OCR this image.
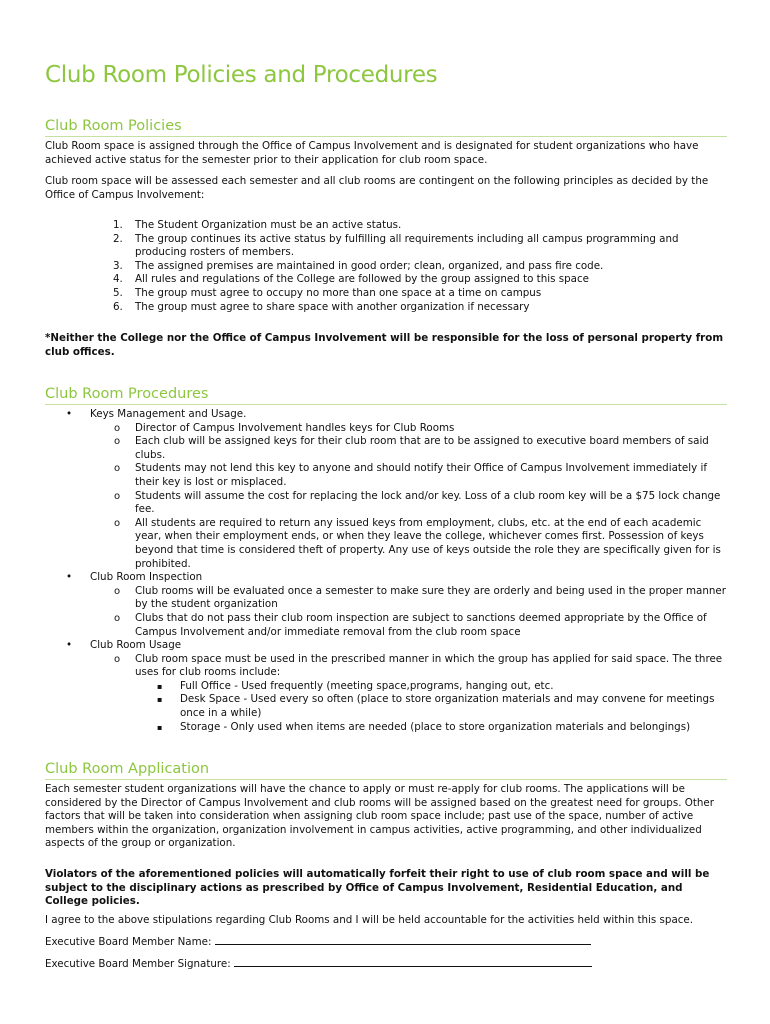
Club Room Policies and Procedures
Club Room Policies

Club Room space is assigned through the Office of Campus Involvement and is designated for student organizations who have achieved active status for the semester prior to their application for club room space.

Club room space will be assessed each semester and all club rooms are contingent on the following principles as decided by the Office of Campus Involvement:

1.	The Student Organization must be an active status.
2.	The group continues its active status by fulfilling all requirements including all campus programming and producing rosters of members.
3.	The assigned premises are maintained in good order; clean, organized, and pass fire code.
4.	All rules and regulations of the College are followed by the group assigned to this space
5.	The group must agree to occupy no more than one space at a time on campus
6.	The group must agree to share space with another organization if necessary

*Neither the College nor the Office of Campus Involvement will be responsible for the loss of personal property from club offices.

Club Room Procedures
• Keys Management and Usage.
o Director of Campus Involvement handles keys for Club Rooms
o Each club will be assigned keys for their club room that are to be assigned to executive board members of said clubs.
o Students may not lend this key to anyone and should notify their Office of Campus Involvement immediately if their key is lost or misplaced.
o Students will assume the cost for replacing the lock and/or key. Loss of a club room key will be a $75 lock change fee.
o All students are required to return any issued keys from employment, clubs, etc. at the end of each academic year, when their employment ends, or when they leave the college, whichever comes first. Possession of keys beyond that time is considered theft of property. Any use of keys outside the role they are specifically given for is prohibited.
• Club Room Inspection
o Club rooms will be evaluated once a semester to make sure they are orderly and being used in the proper manner by the student organization
o Clubs that do not pass their club room inspection are subject to sanctions deemed appropriate by the Office of Campus Involvement and/or immediate removal from the club room space
• Club Room Usage
o Club room space must be used in the prescribed manner in which the group has applied for said space. The three uses for club rooms include:
▪ Full Office - Used frequently (meeting space,programs, hanging out, etc.
▪ Desk Space - Used every so often (place to store organization materials and may convene for meetings once in a while)
▪ Storage - Only used when items are needed (place to store organization materials and belongings)
Club Room Application

Each semester student organizations will have the chance to apply or must re-apply for club rooms. The applications will be considered by the Director of Campus Involvement and club rooms will be assigned based on the greatest need for groups. Other factors that will be taken into consideration when assigning club room space include; past use of the space, number of active members within the organization, organization involvement in campus activities, active programming, and other individualized aspects of the group or organization.

Violators of the aforementioned policies will automatically forfeit their right to use of club room space and will be subject to the disciplinary actions as prescribed by Office of Campus Involvement, Residential Education, and College policies.

I agree to the above stipulations regarding Club Rooms and I will be held accountable for the activities held within this space.

Executive Board Member Name:
Executive Board Member Signature:
